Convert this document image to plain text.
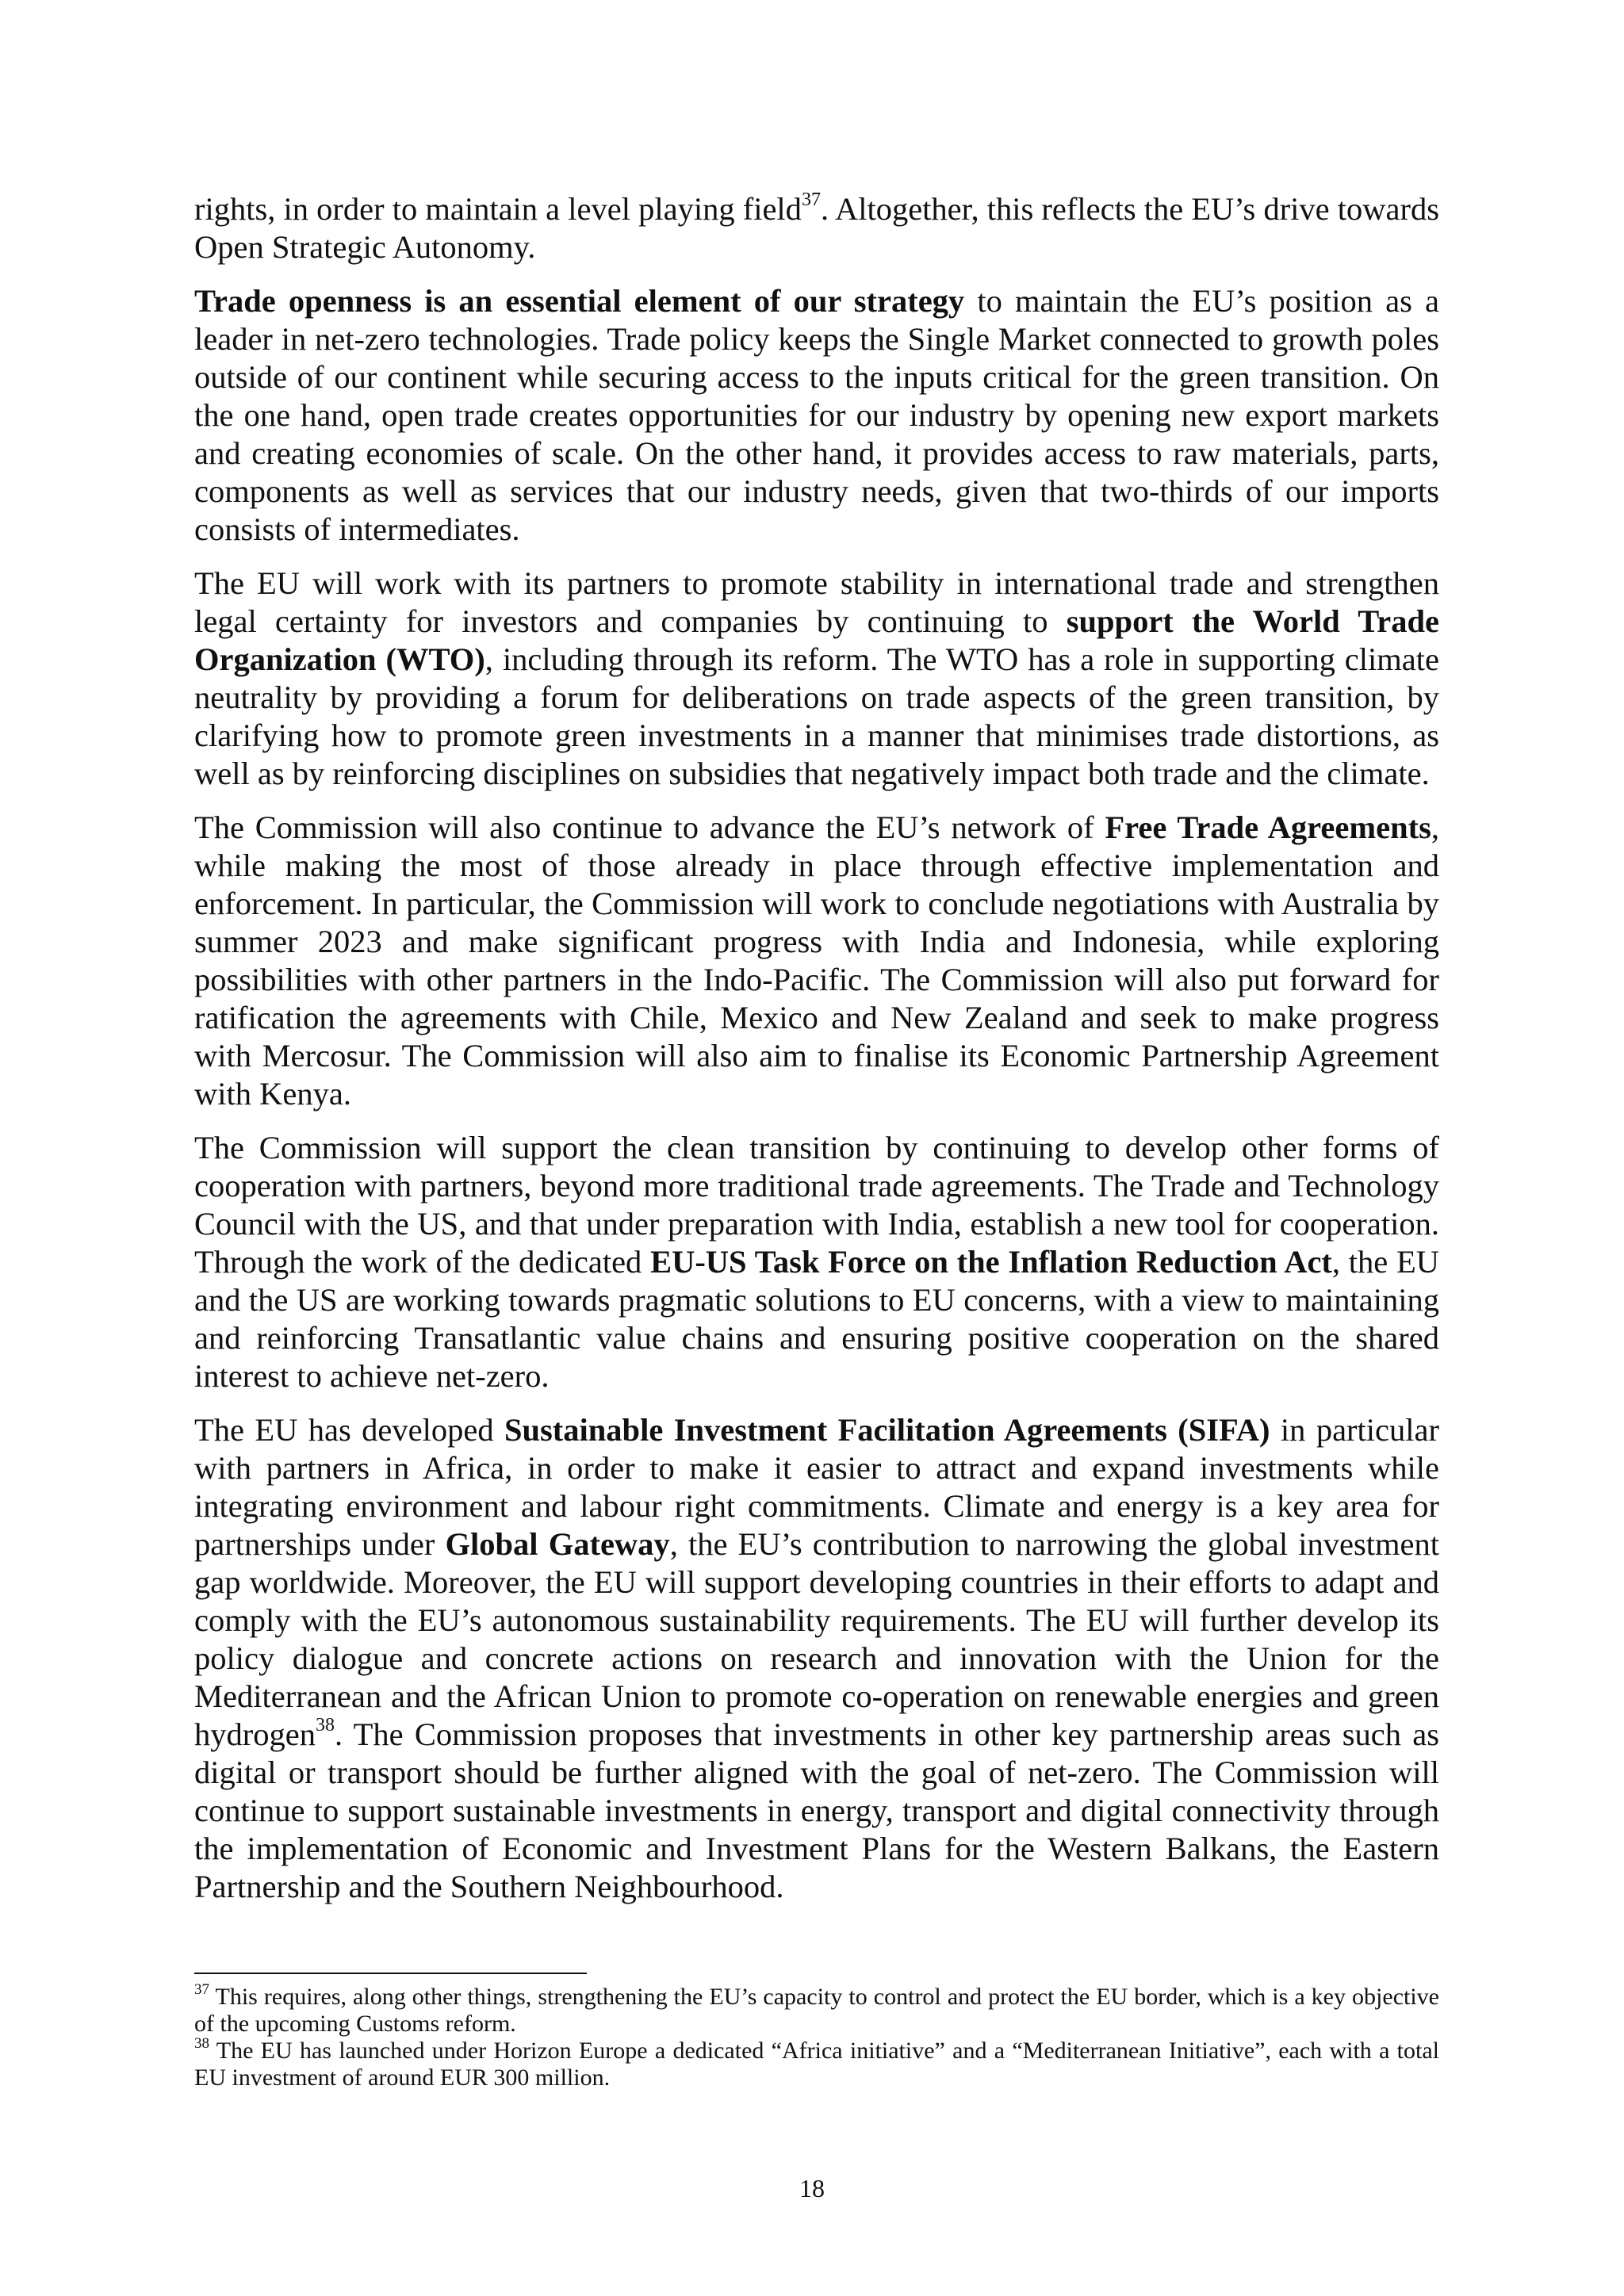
rights, in order to maintain a level playing field$^{37}$. Altogether, this reflects the EU’s drive towards Open Strategic Autonomy.

Trade openness is an essential element of our strategy to maintain the EU’s position as a leader in net-zero technologies. Trade policy keeps the Single Market connected to growth poles outside of our continent while securing access to the inputs critical for the green transition. On the one hand, open trade creates opportunities for our industry by opening new export markets and creating economies of scale. On the other hand, it provides access to raw materials, parts, components as well as services that our industry needs, given that two-thirds of our imports consists of intermediates.

The EU will work with its partners to promote stability in international trade and strengthen legal certainty for investors and companies by continuing to support the World Trade Organization (WTO), including through its reform. The WTO has a role in supporting climate neutrality by providing a forum for deliberations on trade aspects of the green transition, by clarifying how to promote green investments in a manner that minimises trade distortions, as well as by reinforcing disciplines on subsidies that negatively impact both trade and the climate.

The Commission will also continue to advance the EU’s network of Free Trade Agreements, while making the most of those already in place through effective implementation and enforcement. In particular, the Commission will work to conclude negotiations with Australia by summer 2023 and make significant progress with India and Indonesia, while exploring possibilities with other partners in the Indo-Pacific. The Commission will also put forward for ratification the agreements with Chile, Mexico and New Zealand and seek to make progress with Mercosur. The Commission will also aim to finalise its Economic Partnership Agreement with Kenya.

The Commission will support the clean transition by continuing to develop other forms of cooperation with partners, beyond more traditional trade agreements. The Trade and Technology Council with the US, and that under preparation with India, establish a new tool for cooperation. Through the work of the dedicated EU-US Task Force on the Inflation Reduction Act, the EU and the US are working towards pragmatic solutions to EU concerns, with a view to maintaining and reinforcing Transatlantic value chains and ensuring positive cooperation on the shared interest to achieve net-zero.

The EU has developed Sustainable Investment Facilitation Agreements (SIFA) in particular with partners in Africa, in order to make it easier to attract and expand investments while integrating environment and labour right commitments. Climate and energy is a key area for partnerships under Global Gateway, the EU’s contribution to narrowing the global investment gap worldwide. Moreover, the EU will support developing countries in their efforts to adapt and comply with the EU’s autonomous sustainability requirements. The EU will further develop its policy dialogue and concrete actions on research and innovation with the Union for the Mediterranean and the African Union to promote co-operation on renewable energies and green hydrogen$^{38}$. The Commission proposes that investments in other key partnership areas such as digital or transport should be further aligned with the goal of net-zero. The Commission will continue to support sustainable investments in energy, transport and digital connectivity through the implementation of Economic and Investment Plans for the Western Balkans, the Eastern Partnership and the Southern Neighbourhood.

$^{37}$ This requires, along other things, strengthening the EU’s capacity to control and protect the EU border, which is a key objective of the upcoming Customs reform.

$^{38}$ The EU has launched under Horizon Europe a dedicated “Africa initiative” and a “Mediterranean Initiative”, each with a total EU investment of around EUR 300 million.

18
